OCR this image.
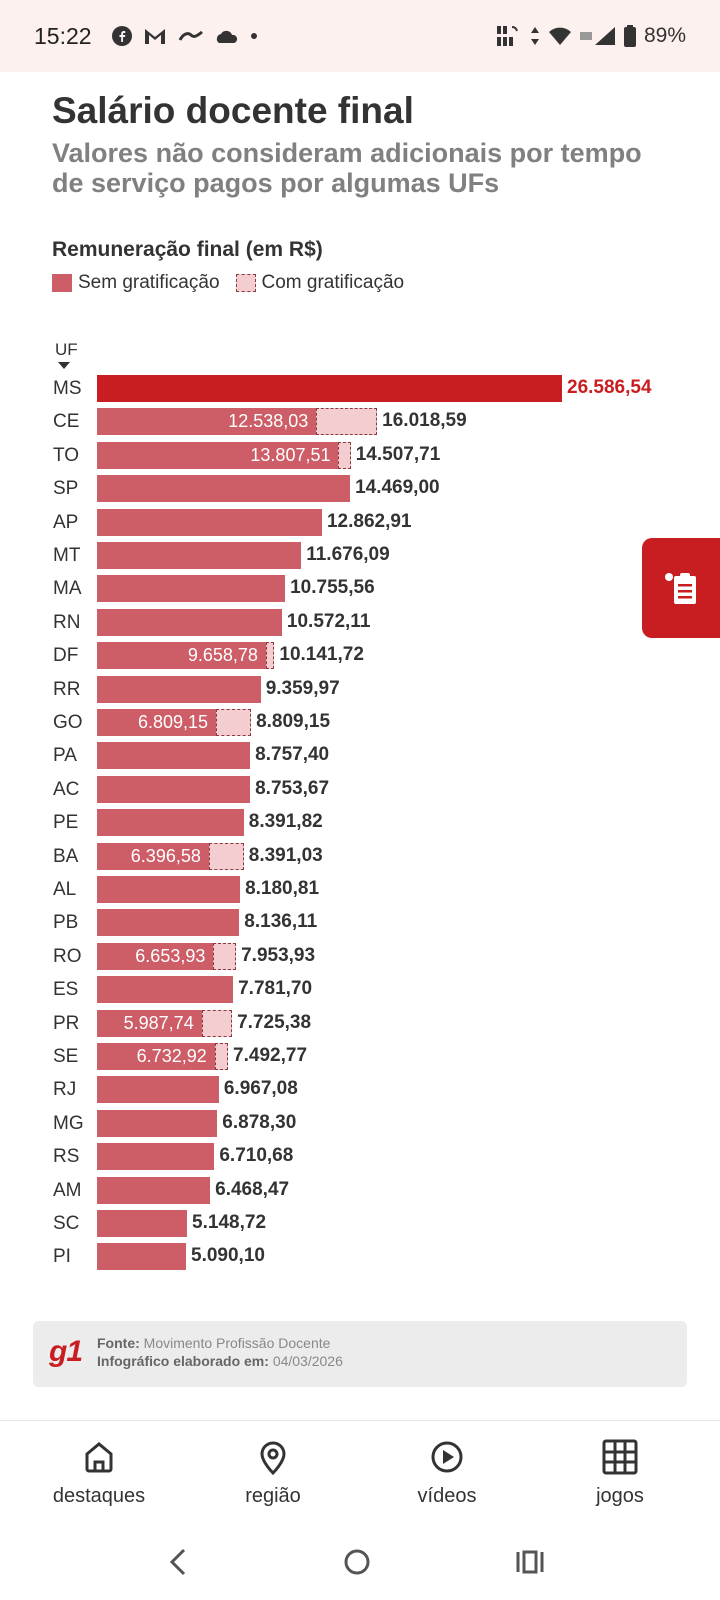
15:22	89%
Salário docente final
Valores não consideram adicionais por tempo de serviço pagos por algumas UFs
Remuneração final (em R$)
Sem gratificação Com gratificação
UF
MS	26.586,54
CE	12.538,03	16.018,59
TO	13.807,51 14.507,71
SP	14.469,00
AP	12.862,91
MT	11.676,09
MA	10.755,56
RN	10.572,11
DF	9.658,78 10.141,72
RR	9.359,97
GO	6.809,15	8.809,15
PA	8.757,40
AC	8.753,67
PE	8.391,82
BA	6.396,58	8.391,03
AL	8.180,81
PB	8.136,11
RO	6.653,93 7.953,93
ES	7.781,70
PR	5.987,74 7.725,38
SE	6.732,92 7.492,77
RJ	6.967,08
MG	6.878,30
RS	6.710,68
AM	6.468,47
SC	5.148,72
PI	5.090,10
g1 Fonte: Movimento Profissão Docente
Infográfico elaborado em: 04/03/2026
destaques	região	vídeos	jogos
